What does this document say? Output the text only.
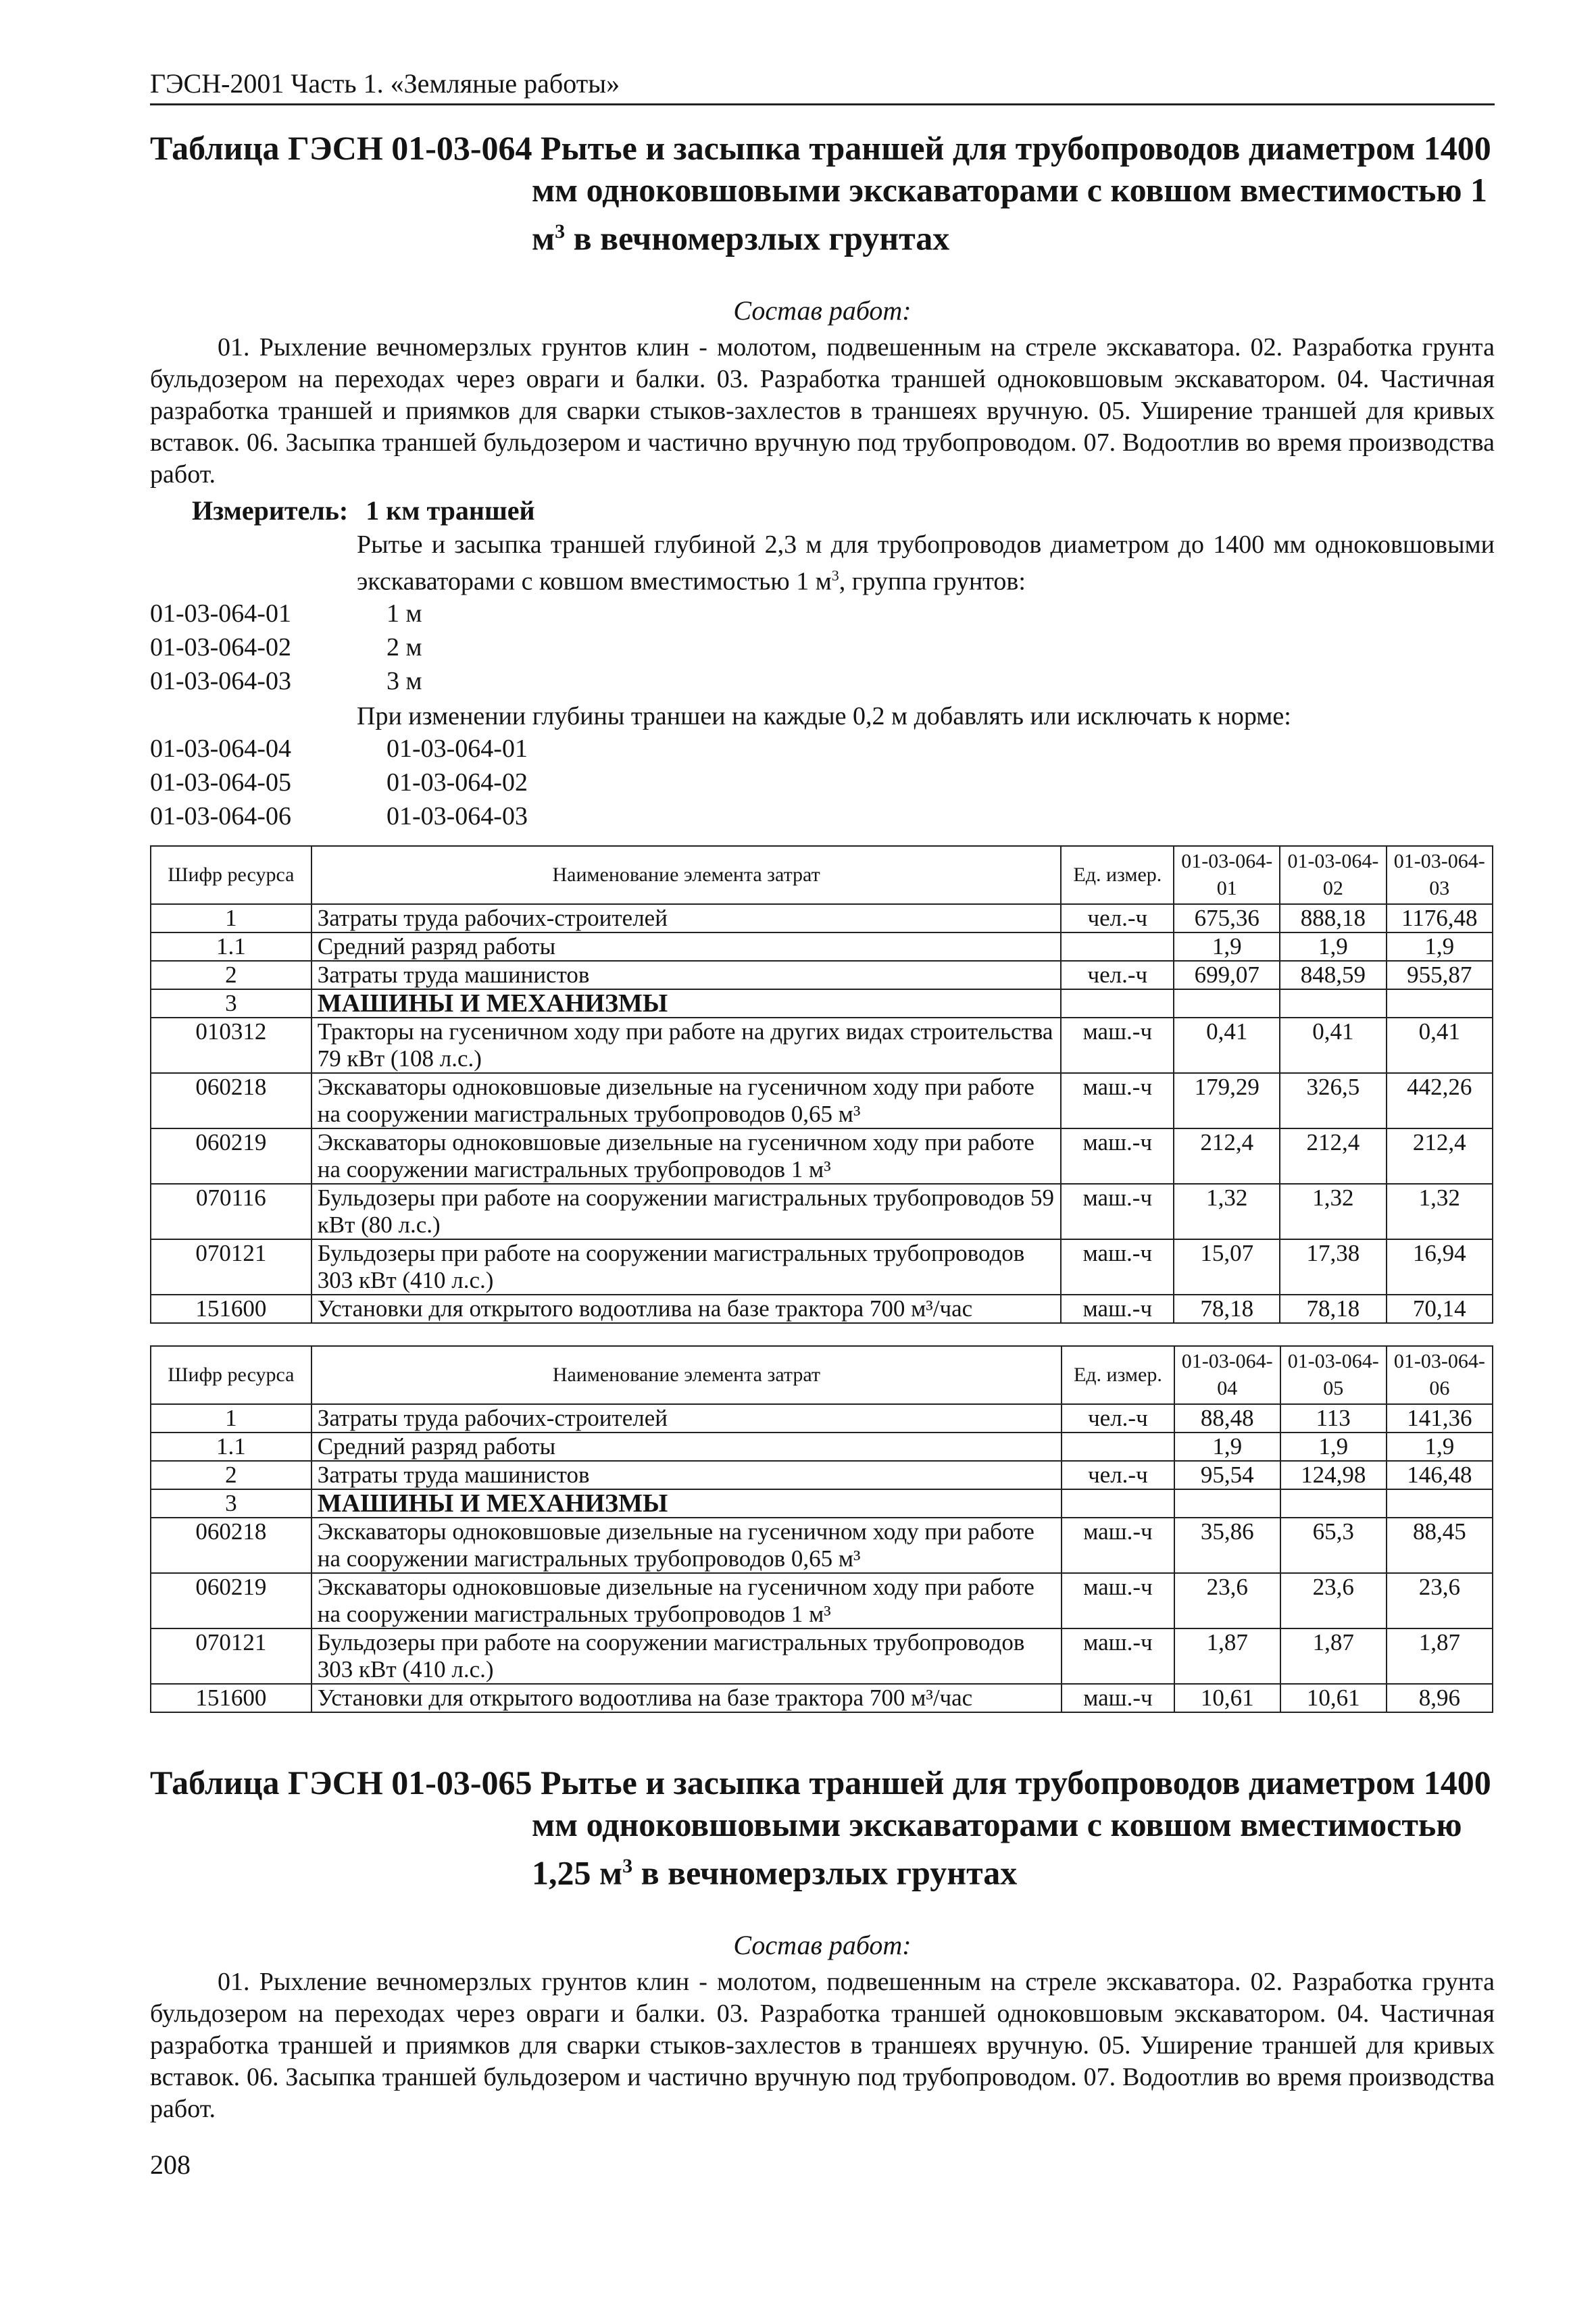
ГЭСН-2001 Часть 1. «Земляные работы»
Таблица ГЭСН 01-03-064 Рытье и засыпка траншей для трубопроводов диаметром 1400
мм одноковшовыми экскаваторами с ковшом вместимостью 1
$м^3$ в вечномерзлых грунтах
Состав работ:
01. Рыхление вечномерзлых грунтов клин - молотом, подвешенным на стреле экскаватора. 02. Разработка грунта бульдозером на переходах через овраги и балки. 03. Разработка траншей одноковшовым экскаватором. 04. Частичная разработка траншей и приямков для сварки стыков-захлестов в траншеях вручную. 05. Уширение траншей для кривых вставок. 06. Засыпка траншей бульдозером и частично вручную под трубопроводом. 07. Водоотлив во время производства работ.
Измеритель: 1 км траншей
Рытье и засыпка траншей глубиной 2,3 м для трубопроводов диаметром до 1400 мм одноковшовыми экскаваторами с ковшом вместимостью 1 $м^3$, группа грунтов:
01-03-064-01	1 м
01-03-064-02	2 м
01-03-064-03	3 м
При изменении глубины траншеи на каждые 0,2 м добавлять или исключать к норме:
01-03-064-04	01-03-064-01
01-03-064-05	01-03-064-02
01-03-064-06	01-03-064-03
Шифр ресурса	Наименование элемента затрат	Ед. измер.	01-03-064-01	01-03-064-02	01-03-064-03
1	Затраты труда рабочих-строителей	чел.-ч	675,36	888,18	1176,48
1.1	Средний разряд работы		1,9	1,9	1,9
2	Затраты труда машинистов	чел.-ч	699,07	848,59	955,87
3	МАШИНЫ И МЕХАНИЗМЫ				
010312	Тракторы на гусеничном ходу при работе на других видах строительства 79 кВт (108 л.с.)	маш.-ч	0,41	0,41	0,41
060218	Экскаваторы одноковшовые дизельные на гусеничном ходу при работе на сооружении магистральных трубопроводов 0,65 м³	маш.-ч	179,29	326,5	442,26
060219	Экскаваторы одноковшовые дизельные на гусеничном ходу при работе на сооружении магистральных трубопроводов 1 м³	маш.-ч	212,4	212,4	212,4
070116	Бульдозеры при работе на сооружении магистральных трубопроводов 59 кВт (80 л.с.)	маш.-ч	1,32	1,32	1,32
070121	Бульдозеры при работе на сооружении магистральных трубопроводов 303 кВт (410 л.с.)	маш.-ч	15,07	17,38	16,94
151600	Установки для открытого водоотлива на базе трактора 700 м³/час	маш.-ч	78,18	78,18	70,14
Шифр ресурса	Наименование элемента затрат	Ед. измер.	01-03-064-04	01-03-064-05	01-03-064-06
1	Затраты труда рабочих-строителей	чел.-ч	88,48	113	141,36
1.1	Средний разряд работы		1,9	1,9	1,9
2	Затраты труда машинистов	чел.-ч	95,54	124,98	146,48
3	МАШИНЫ И МЕХАНИЗМЫ				
060218	Экскаваторы одноковшовые дизельные на гусеничном ходу при работе на сооружении магистральных трубопроводов 0,65 м³	маш.-ч	35,86	65,3	88,45
060219	Экскаваторы одноковшовые дизельные на гусеничном ходу при работе на сооружении магистральных трубопроводов 1 м³	маш.-ч	23,6	23,6	23,6
070121	Бульдозеры при работе на сооружении магистральных трубопроводов 303 кВт (410 л.с.)	маш.-ч	1,87	1,87	1,87
151600	Установки для открытого водоотлива на базе трактора 700 м³/час	маш.-ч	10,61	10,61	8,96
Таблица ГЭСН 01-03-065 Рытье и засыпка траншей для трубопроводов диаметром 1400
мм одноковшовыми экскаваторами с ковшом вместимостью
1,25 $м^3$ в вечномерзлых грунтах
Состав работ:
01. Рыхление вечномерзлых грунтов клин - молотом, подвешенным на стреле экскаватора. 02. Разработка грунта бульдозером на переходах через овраги и балки. 03. Разработка траншей одноковшовым экскаватором. 04. Частичная разработка траншей и приямков для сварки стыков-захлестов в траншеях вручную. 05. Уширение траншей для кривых вставок. 06. Засыпка траншей бульдозером и частично вручную под трубопроводом. 07. Водоотлив во время производства работ.
208
